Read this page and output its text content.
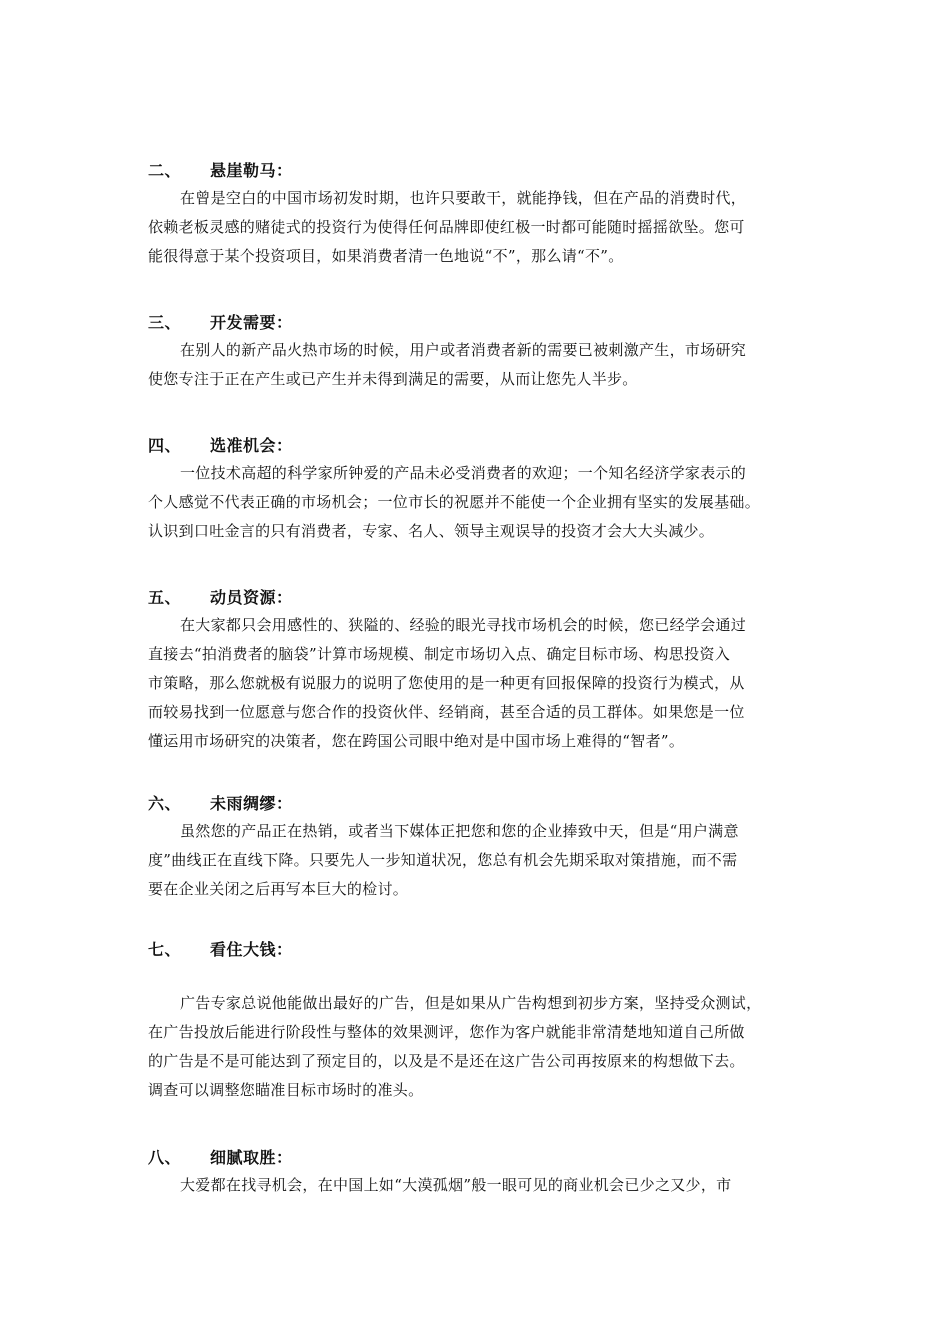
二、 悬崖勒马：
在曾是空白的中国市场初发时期，也许只要敢干，就能挣钱，但在产品的消费时代，
依赖老板灵感的赌徒式的投资行为使得任何品牌即使红极一时都可能随时摇摇欲坠。您可
能很得意于某个投资项目，如果消费者清一色地说“不”，那么请“不”。
三、 开发需要：
在别人的新产品火热市场的时候，用户或者消费者新的需要已被刺激产生，市场研究
使您专注于正在产生或已产生并未得到满足的需要，从而让您先人半步。
四、 选准机会：
一位技术高超的科学家所钟爱的产品未必受消费者的欢迎；一个知名经济学家表示的
个人感觉不代表正确的市场机会；一位市长的祝愿并不能使一个企业拥有坚实的发展基础。
认识到口吐金言的只有消费者，专家、名人、领导主观误导的投资才会大大头减少。
五、 动员资源：
在大家都只会用感性的、狭隘的、经验的眼光寻找市场机会的时候，您已经学会通过
直接去“拍消费者的脑袋”计算市场规模、制定市场切入点、确定目标市场、构思投资入
市策略，那么您就极有说服力的说明了您使用的是一种更有回报保障的投资行为模式，从
而较易找到一位愿意与您合作的投资伙伴、经销商，甚至合适的员工群体。如果您是一位
懂运用市场研究的决策者，您在跨国公司眼中绝对是中国市场上难得的“智者”。
六、 未雨绸缪：
虽然您的产品正在热销，或者当下媒体正把您和您的企业捧致中天，但是“用户满意
度”曲线正在直线下降。只要先人一步知道状况，您总有机会先期采取对策措施，而不需
要在企业关闭之后再写本巨大的检讨。
七、 看住大钱：
广告专家总说他能做出最好的广告，但是如果从广告构想到初步方案，坚持受众测试，
在广告投放后能进行阶段性与整体的效果测评，您作为客户就能非常清楚地知道自己所做
的广告是不是可能达到了预定目的，以及是不是还在这广告公司再按原来的构想做下去。
调查可以调整您瞄准目标市场时的准头。
八、 细腻取胜：
大爱都在找寻机会，在中国上如“大漠孤烟”般一眼可见的商业机会已少之又少，市
